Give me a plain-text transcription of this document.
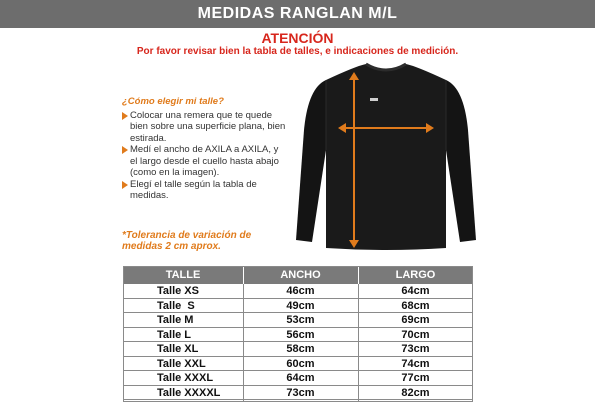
MEDIDAS RANGLAN M/L
ATENCIÓN
Por favor revisar bien la tabla de talles, e indicaciones de medición.
¿Cómo elegir mi talle?
Colocar una remera que te quede bien sobre una superficie plana, bien estirada.
Medí el ancho de AXILA a AXILA, y el largo desde el cuello hasta abajo (como en la imagen).
Elegí el talle según la tabla de medidas.
*Tolerancia de variación de medidas 2 cm aprox.
TALLE	ANCHO	LARGO
Talle XS	46cm	64cm
Talle  S	49cm	68cm
Talle M	53cm	69cm
Talle L	56cm	70cm
Talle XL	58cm	73cm
Talle XXL	60cm	74cm
Talle XXXL	64cm	77cm
Talle XXXXL	73cm	82cm
